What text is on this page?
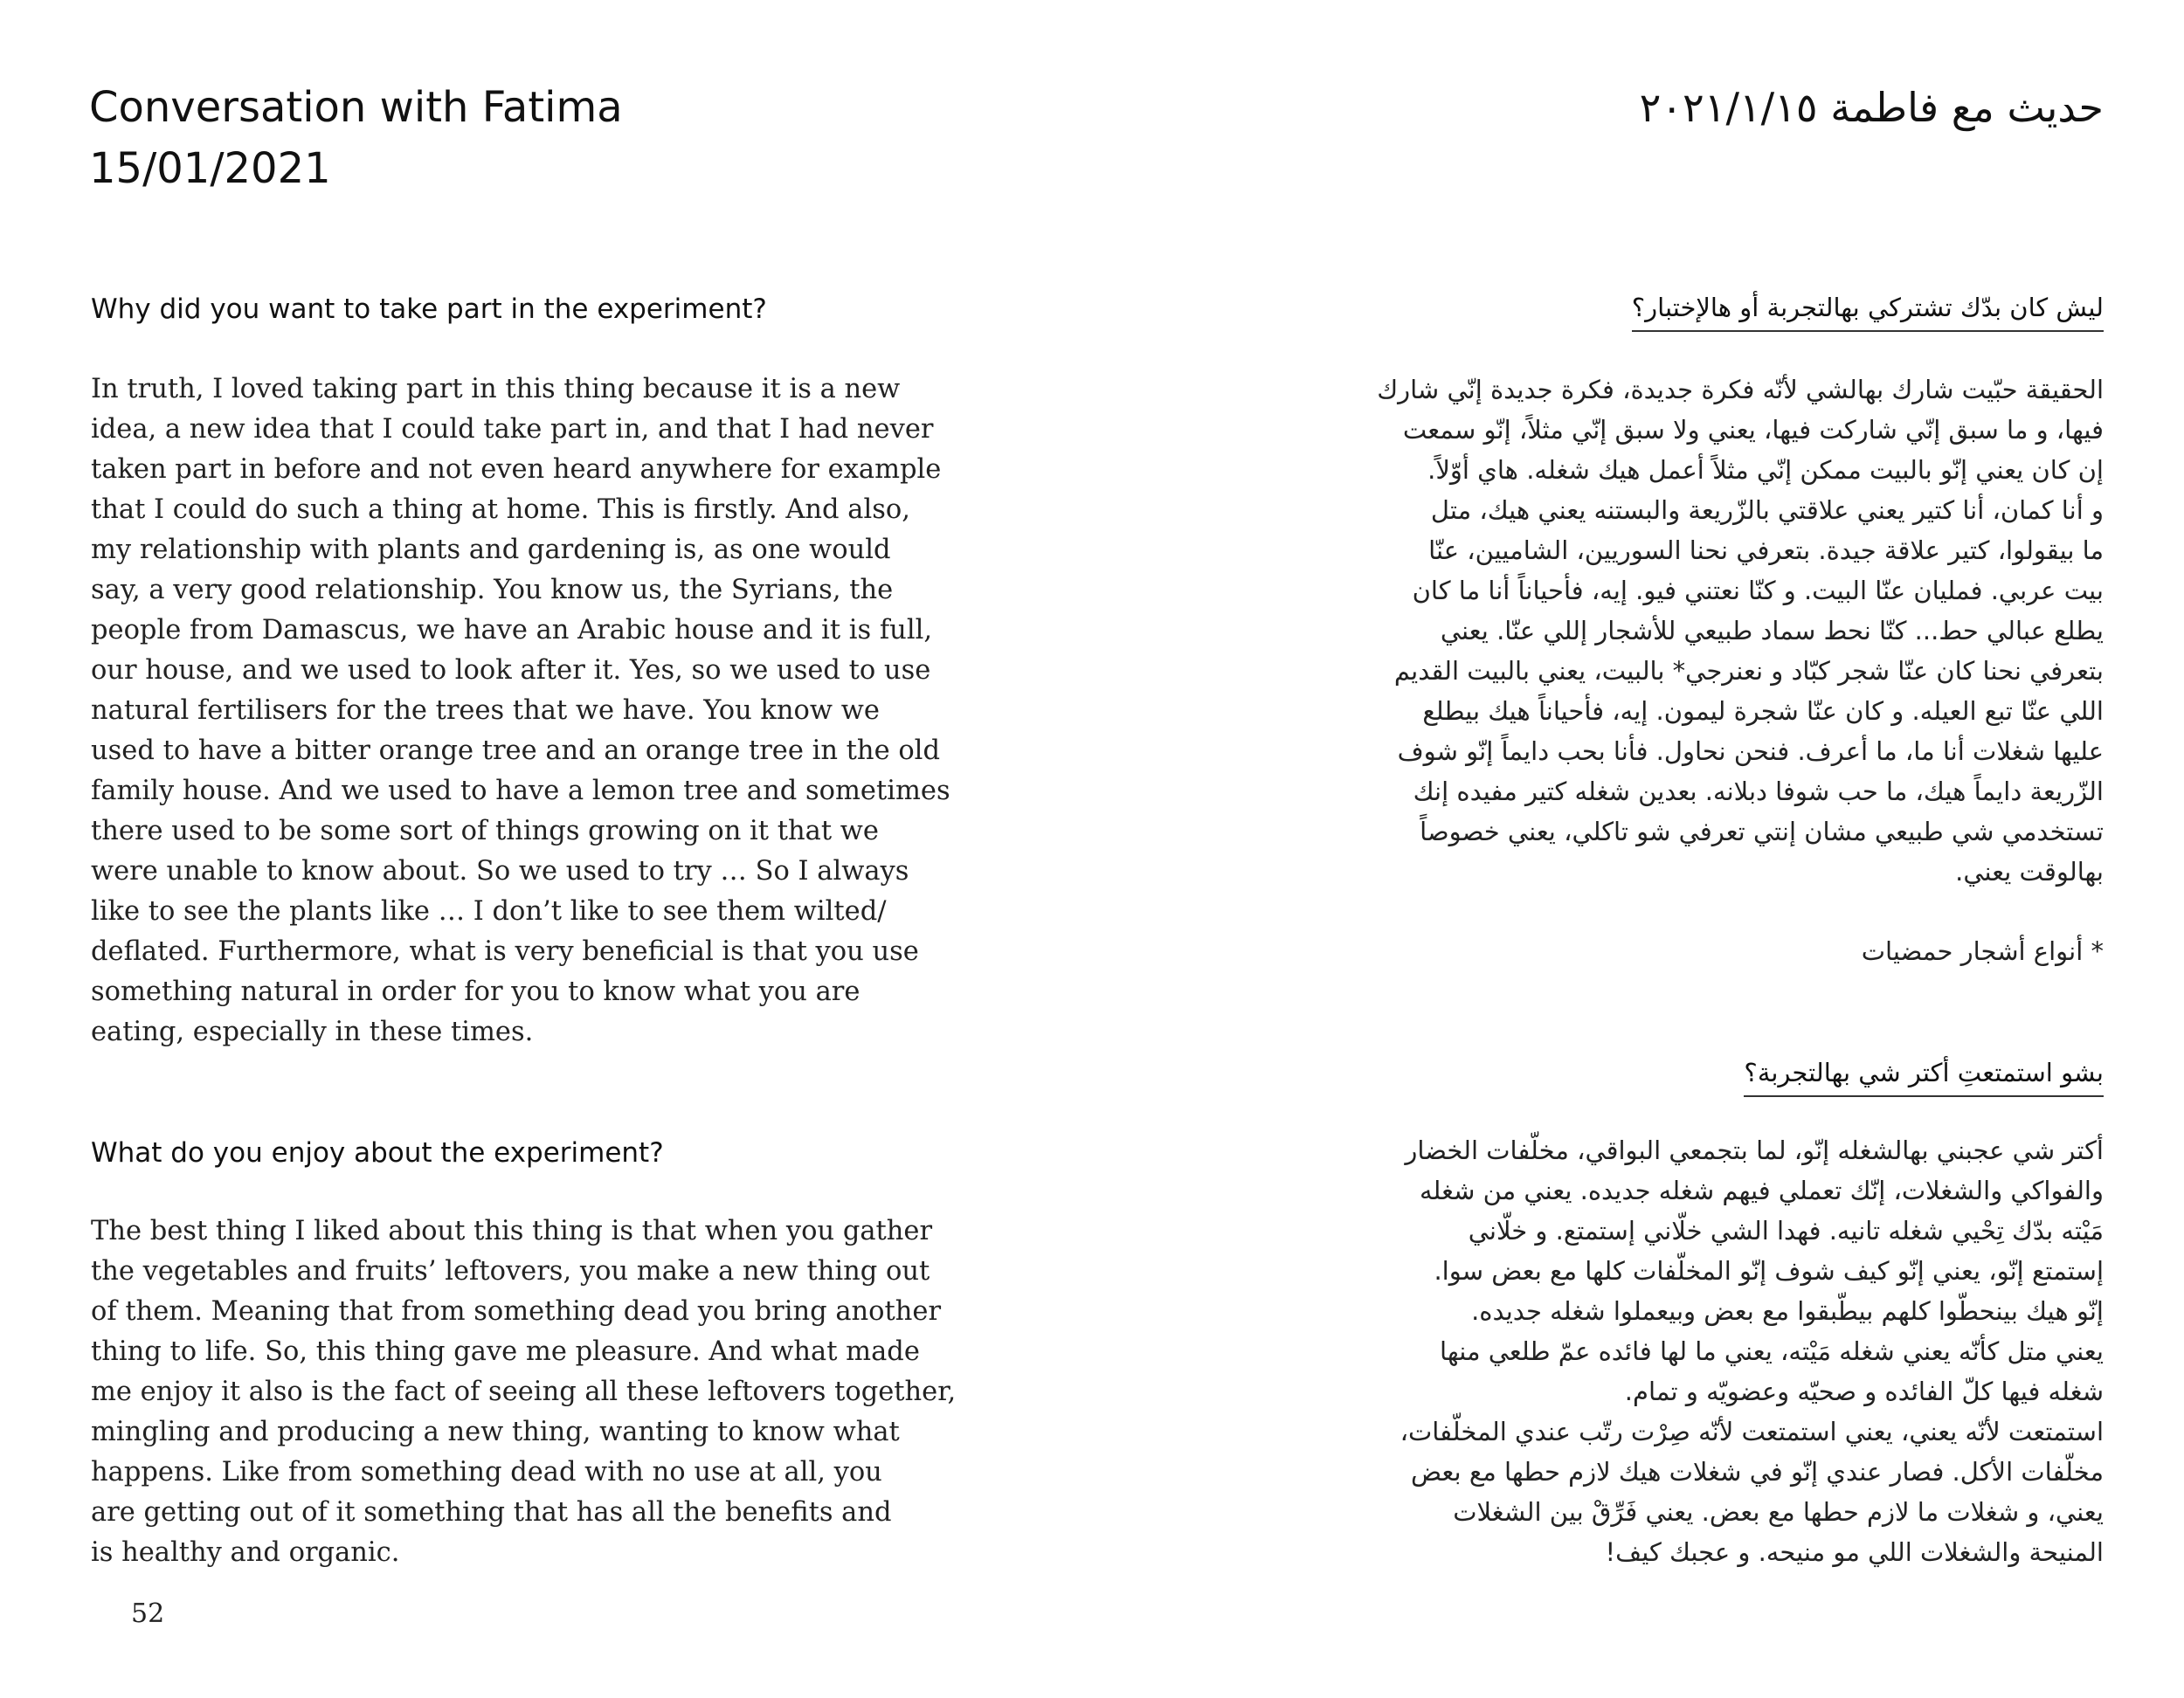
Conversation with Fatima
15/01/2021
Why did you want to take part in the experiment?
In truth, I loved taking part in this thing because it is a new
idea, a new idea that I could take part in, and that I had never
taken part in before and not even heard anywhere for example
that I could do such a thing at home. This is firstly. And also,
my relationship with plants and gardening is, as one would
say, a very good relationship. You know us, the Syrians, the
people from Damascus, we have an Arabic house and it is full,
our house, and we used to look after it. Yes, so we used to use
natural fertilisers for the trees that we have. You know we
used to have a bitter orange tree and an orange tree in the old
family house. And we used to have a lemon tree and sometimes
there used to be some sort of things growing on it that we
were unable to know about. So we used to try … So I always
like to see the plants like … I don’t like to see them wilted/
deflated. Furthermore, what is very beneficial is that you use
something natural in order for you to know what you are
eating, especially in these times.
What do you enjoy about the experiment?
The best thing I liked about this thing is that when you gather
the vegetables and fruits’ leftovers, you make a new thing out
of them. Meaning that from something dead you bring another
thing to life. So, this thing gave me pleasure. And what made
me enjoy it also is the fact of seeing all these leftovers together,
mingling and producing a new thing, wanting to know what
happens. Like from something dead with no use at all, you
are getting out of it something that has all the benefits and
is healthy and organic.
52
حديث مع فاطمة ٢٠٢١/١/١٥
ليش كان بدّك تشتركي بهالتجربة أو هالإختبار؟
الحقيقة حبّيت شارك بهالشي لأنّه فكرة جديدة، فكرة جديدة إنّي شارك
فيها، و ما سبق إنّي شاركت فيها، يعني ولا سبق إنّي مثلاً، إنّو سمعت
إن كان يعني إنّو بالبيت ممكن إنّي مثلاً أعمل هيك شغله. هاي أوّلاً.
و أنا كمان، أنا كتير يعني علاقتي بالزّريعة والبستنه يعني هيك، متل
ما بيقولوا، كتير علاقة جيدة. بتعرفي نحنا السوريين، الشاميين، عنّا
بيت عربي. فمليان عنّا البيت. و كنّا نعتني فيو. إيه، فأحياناً أنا ما كان
يطلع عبالي حط... كنّا نحط سماد طبيعي للأشجار إللي عنّا. يعني
بتعرفي نحنا كان عنّا شجر كبّاد و نعنرجي* بالبيت، يعني بالبيت القديم
اللي عنّا تبع العيله. و كان عنّا شجرة ليمون. إيه، فأحياناً هيك بيطلع
عليها شغلات أنا ما، ما أعرف. فنحن نحاول. فأنا بحب دايماً إنّو شوف
الزّريعة دايماً هيك، ما حب شوفا دبلانه. بعدين شغله كتير مفيده إنك
تستخدمي شي طبيعي مشان إنتي تعرفي شو تاكلي، يعني خصوصاً
بهالوقت يعني.
* أنواع أشجار حمضيات
بشو استمتعتِ أكتر شي بهالتجربة؟
أكتر شي عجبني بهالشغله إنّو، لما بتجمعي البواقي، مخلّفات الخضار
والفواكي والشغلات، إنّك تعملي فيهم شغله جديده. يعني من شغله
مَيْته بدّك تِحْيي شغله تانيه. فهدا الشي خلّاني إستمتع. و خلّاني
إستمتع إنّو، يعني إنّو كيف شوف إنّو المخلّفات كلها مع بعض سوا.
إنّو هيك بينحطّوا كلهم بيطّبقوا مع بعض وبيعملوا شغله جديده.
يعني متل كأنّه يعني شغله مَيْته، يعني ما لها فائده عمّ طلعي منها
شغله فيها كلّ الفائده و صحيّه وعضويّه و تمام.
استمتعت لأنّه يعني، يعني استمتعت لأنّه صِرْت رتّب عندي المخلّفات،
مخلّفات الأكل. فصار عندي إنّو في شغلات هيك لازم حطها مع بعض
يعني، و شغلات ما لازم حطها مع بعض. يعني فَرِّقْ بين الشغلات
المنيحة والشغلات اللي مو منيحه. و عجبك كيف!
